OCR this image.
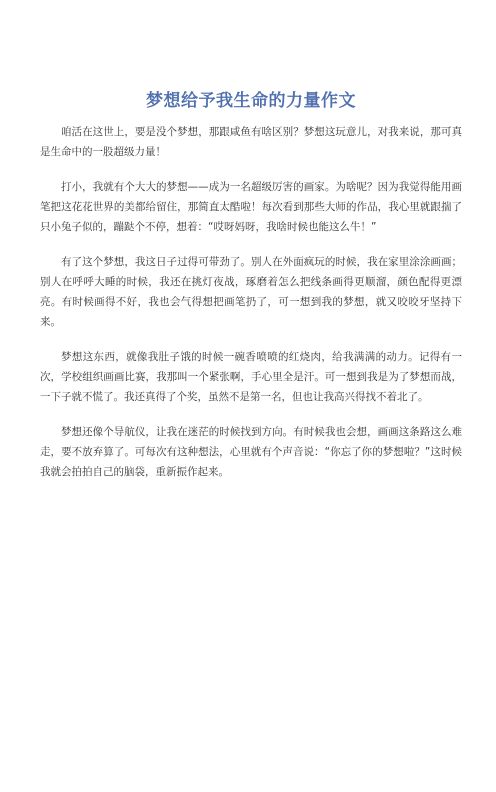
梦想给予我生命的力量作文

咱活在这世上，要是没个梦想，那跟咸鱼有啥区别？梦想这玩意儿，对我来说，那可真是生命中的一股超级力量！

打小，我就有个大大的梦想——成为一名超级厉害的画家。为啥呢？因为我觉得能用画笔把这花花世界的美都给留住，那简直太酷啦！每次看到那些大师的作品，我心里就跟揣了只小兔子似的，蹦跶个不停，想着：“哎呀妈呀，我啥时候也能这么牛！”

有了这个梦想，我这日子过得可带劲了。别人在外面疯玩的时候，我在家里涂涂画画；别人在呼呼大睡的时候，我还在挑灯夜战，琢磨着怎么把线条画得更顺溜，颜色配得更漂亮。有时候画得不好，我也会气得想把画笔扔了，可一想到我的梦想，就又咬咬牙坚持下来。

梦想这东西，就像我肚子饿的时候一碗香喷喷的红烧肉，给我满满的动力。记得有一次，学校组织画画比赛，我那叫一个紧张啊，手心里全是汗。可一想到我是为了梦想而战，一下子就不慌了。我还真得了个奖，虽然不是第一名，但也让我高兴得找不着北了。

梦想还像个导航仪，让我在迷茫的时候找到方向。有时候我也会想，画画这条路这么难走，要不放弃算了。可每次有这种想法，心里就有个声音说：“你忘了你的梦想啦？”这时候我就会拍拍自己的脑袋，重新振作起来。
